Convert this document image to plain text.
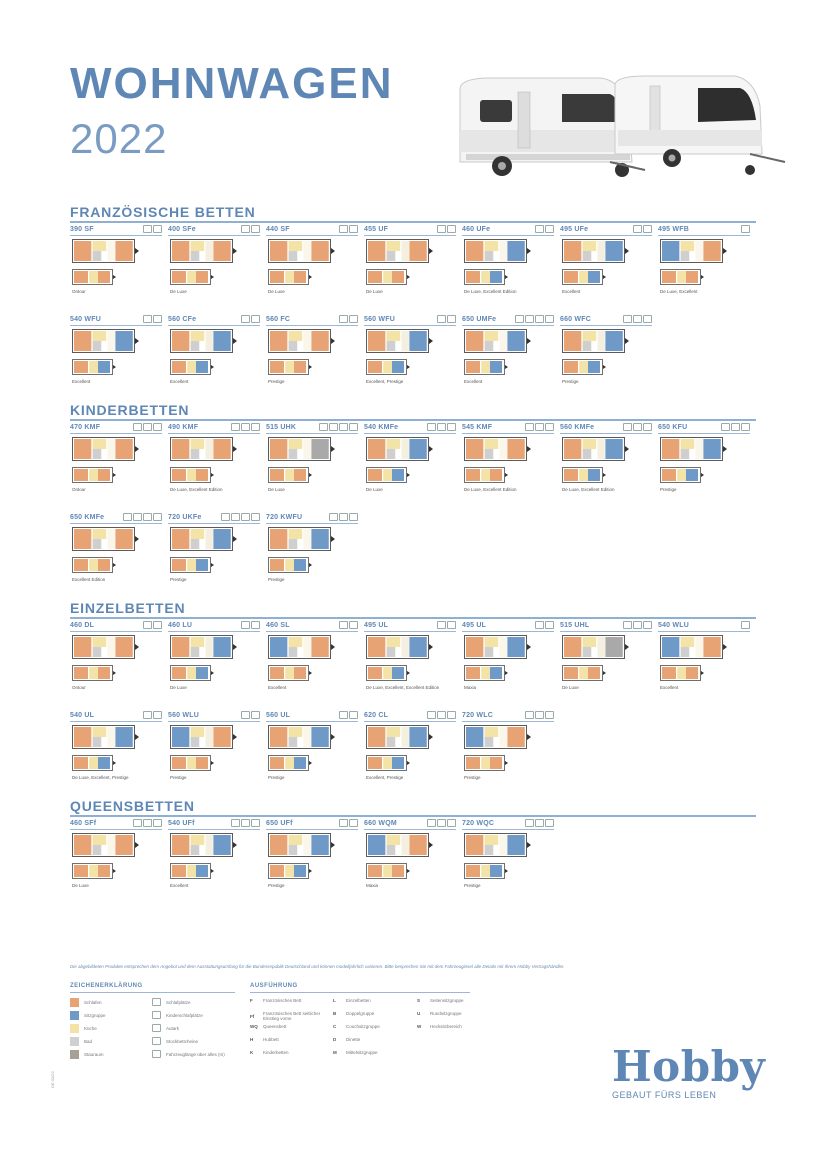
WOHNWAGEN
2022
FRANZÖSISCHE BETTEN
390 SF
Ontour
400 SFe
De Luxe
440 SF
De Luxe
455 UF
De Luxe
460 UFe
De Luxe, Excellent Edition
495 UFe
Excellent
495 WFB
De Luxe, Excellent
540 WFU
Excellent
560 CFe
Excellent
560 FC
Prestige
560 WFU
Excellent, Prestige
650 UMFe
Excellent
660 WFC
Prestige
KINDERBETTEN
470 KMF
Ontour
490 KMF
De Luxe, Excellent Edition
515 UHK
De Luxe
540 KMFe
De Luxe
545 KMF
De Luxe, Excellent Edition
560 KMFe
De Luxe, Excellent Edition
650 KFU
Prestige
650 KMFe
Excellent Edition
720 UKFe
Prestige
720 KWFU
Prestige
EINZELBETTEN
460 DL
Ontour
460 LU
De Luxe
460 SL
Excellent
495 UL
De Luxe, Excellent, Excellent Edition
495 UL
Maxia
515 UHL
De Luxe
540 WLU
Excellent
540 UL
De Luxe, Excellent, Prestige
560 WLU
Prestige
560 UL
Prestige
620 CL
Excellent, Prestige
720 WLC
Prestige
QUEENSBETTEN
460 SFf
De Luxe
540 UFf
Excellent
650 UFf
Prestige
660 WQM
Maxia
720 WQC
Prestige
Die abgebildeten Produkte entsprechen dem Angebot und dem Ausstattungsumfang für die Bundesrepublik Deutschland und können modelljahrlich variieren. Bitte besprechen Sie mit dem Fahrzeuginsel alle Details mit Ihrem Hobby Vertragshändler.
ZEICHENERKLÄRUNG
Schlafen
Sitzgruppe
Küche
Bad
Stauraum
Schlafplätze
Kinderschlafplätze
Autark
Stockbettcheine
Fahrzeuglänge über alles (m)
AUSFÜHRUNG
F	Französisches Bett
Ff	Französisches Bett seitlicher Einstieg vorne
WQ Queensbett
H	Hubbett
K	Kinderbetten
L	Einzelbetten
B	Doppelgruppe
C	Couchsitzgruppe
D	Dinette
M	Mittelsitzgruppe
S	Seitensitzgruppe
U	Rundsitzgruppe
W	Hecksitzbereich
DE 01/22	Hobby
GEBAUT FÜRS LEBEN
